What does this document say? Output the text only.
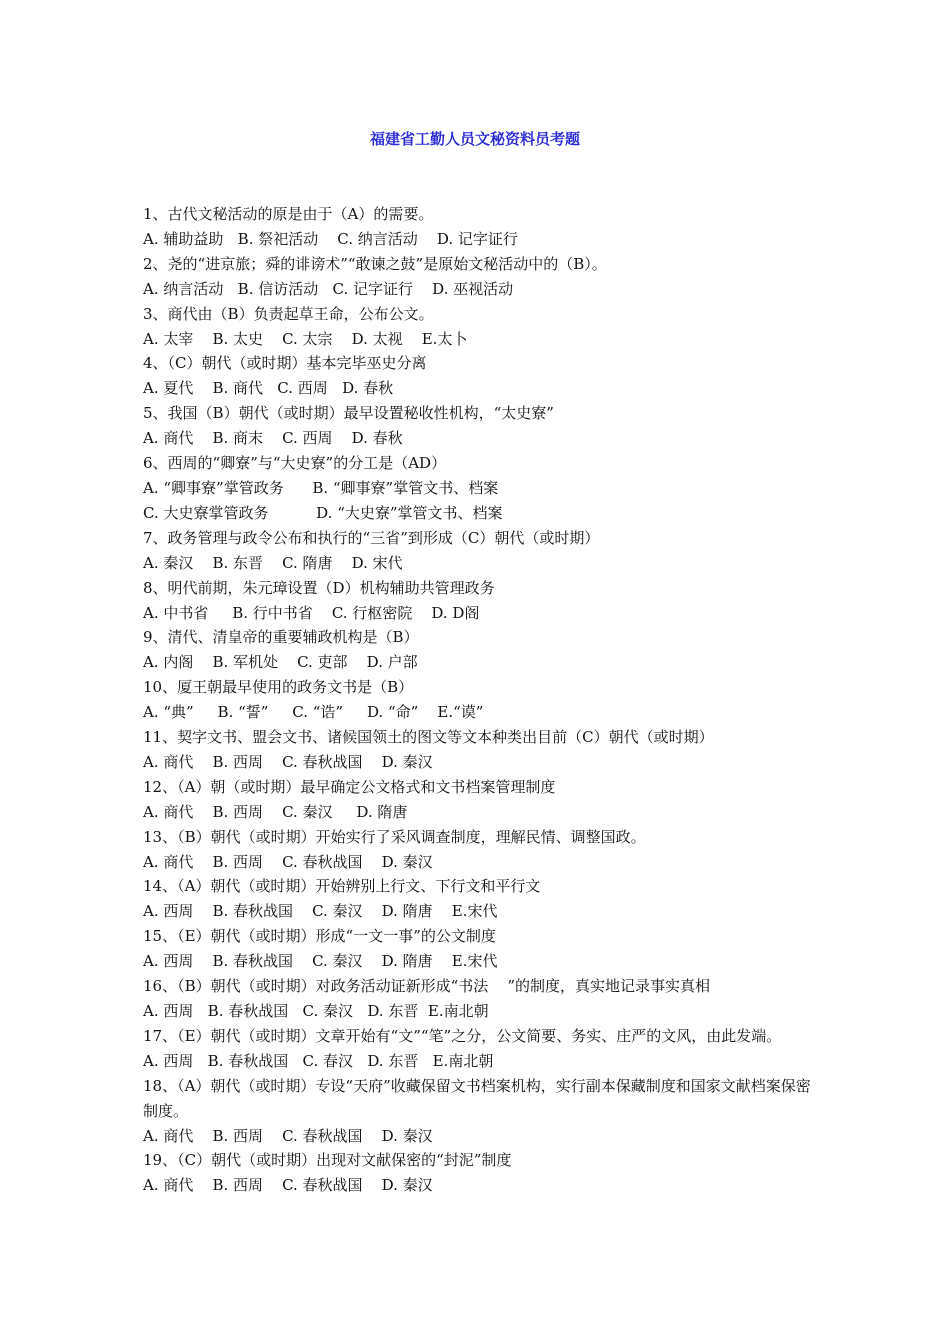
福建省工勤人员文秘资料员考题

1、古代文秘活动的原是由于（A）的需要。

A. 辅助益助   B. 祭祀活动    C. 纳言活动    D. 记字证行

2、尧的“进京旅；舜的诽谤术”“敢谏之鼓”是原始文秘活动中的（B）。

A. 纳言活动   B. 信访活动   C. 记字证行    D. 巫视活动

3、商代由（B）负责起草王命，公布公文。

A. 太宰    B. 太史    C. 太宗    D. 太视    E.太卜

4、（C）朝代（或时期）基本完毕巫史分离

A. 夏代    B. 商代   C. 西周   D. 春秋

5、我国（B）朝代（或时期）最早设置秘收性机构，“太史寮”

A. 商代    B. 商末    C. 西周    D. 春秋

6、西周的“卿寮”与“大史寮”的分工是（AD）

A. “卿事寮”掌管政务      B. “卿事寮”掌管文书、档案

C. 大史寮掌管政务          D. “大史寮”掌管文书、档案

7、政务管理与政令公布和执行的“三省”到形成（C）朝代（或时期）

A. 秦汉    B. 东晋    C. 隋唐    D. 宋代

8、明代前期，朱元璋设置（D）机构辅助共管理政务

A. 中书省     B. 行中书省    C. 行枢密院    D. D阁

9、清代、清皇帝的重要辅政机构是（B）

A. 内阁    B. 军机处    C. 吏部    D. 户部

10、厦王朝最早使用的政务文书是（B）

A. “典”     B. “誓”     C. “诰”     D. “命”    E.“谟”

11、契字文书、盟会文书、诸候国领土的图文等文本种类出目前（C）朝代（或时期）

A. 商代    B. 西周    C. 春秋战国    D. 秦汉

12、（A）朝（或时期）最早确定公文格式和文书档案管理制度

A. 商代    B. 西周    C. 秦汉     D. 隋唐

13、（B）朝代（或时期）开始实行了采风调查制度，理解民情、调整国政。

A. 商代    B. 西周    C. 春秋战国    D. 秦汉

14、（A）朝代（或时期）开始辨别上行文、下行文和平行文

A. 西周    B. 春秋战国    C. 秦汉    D. 隋唐    E.宋代

15、（E）朝代（或时期）形成“一文一事”的公文制度

A. 西周    B. 春秋战国    C. 秦汉    D. 隋唐    E.宋代

16、（B）朝代（或时期）对政务活动证新形成“书法    ”的制度，真实地记录事实真相

A. 西周   B. 春秋战国   C. 秦汉   D. 东晋  E.南北朝

17、（E）朝代（或时期）文章开始有“文”“笔”之分，公文简要、务实、庄严的文风，由此发端。

A. 西周   B. 春秋战国   C. 春汉   D. 东晋   E.南北朝

18、（A）朝代（或时期）专设“天府”收藏保留文书档案机构，实行副本保藏制度和国家文献档案保密制度。

A. 商代    B. 西周    C. 春秋战国    D. 秦汉

19、（C）朝代（或时期）出现对文献保密的“封泥”制度

A. 商代    B. 西周    C. 春秋战国    D. 秦汉
